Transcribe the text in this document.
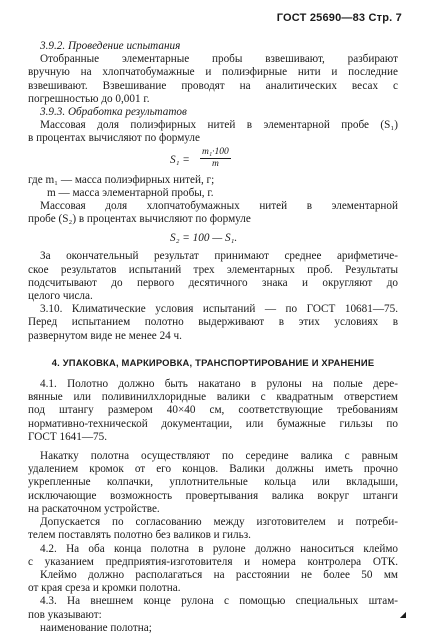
ГОСТ 25690—83 Стр. 7
3.9.2. Проведение испытания
Отобранные элементарные пробы взвешивают, разбирают
вручную на хлопчатобумажные и полиэфирные нити и последние
взвешивают. Взвешивание проводят на аналитических весах с
погрешностью до 0,001 г.
3.9.3. Обработка результатов
Массовая доля полиэфирных нитей в элементарной пробе (S₁)
в процентах вычисляют по формуле
$S_1 = \frac{\text{m₁·100}}{m}$
где m₁ — масса полиэфирных нитей, г;
m — масса элементарной пробы, г.
Массовая доля хлопчатобумажных нитей в элементарной
пробе (S₂) в процентах вычисляют по формуле
S₂ = 100 — S₁.
За окончательный результат принимают среднее арифметиче-
ское результатов испытаний трех элементарных проб. Результаты
подсчитывают до первого десятичного знака и округляют до
целого числа.
3.10. Климатические условия испытаний — по ГОСТ 10681—75.
Перед испытанием полотно выдерживают в этих условиях в
развернутом виде не менее 24 ч.
4. УПАКОВКА, МАРКИРОВКА, ТРАНСПОРТИРОВАНИЕ И ХРАНЕНИЕ
4.1. Полотно должно быть накатано в рулоны на полые дере-
вянные или поливинилхлоридные валики с квадратным отверстием
под штангу размером 40×40 см, соответствующие требованиям
нормативно-технической документации, или бумажные гильзы по
ГОСТ 1641—75.
Накатку полотна осуществляют по середине валика с равным
удалением кромок от его концов. Валики должны иметь прочно
укрепленные колпачки, уплотнительные кольца или вкладыши,
исключающие возможность провертывания валика вокруг штанги
на раскаточном устройстве.
Допускается по согласованию между изготовителем и потреби-
телем поставлять полотно без валиков и гильз.
4.2. На оба конца полотна в рулоне должно наноситься клеймо
с указанием предприятия-изготовителя и номера контролера ОТК.
Клеймо должно располагаться на расстоянии не более 50 мм
от края среза и кромки полотна.
4.3. На внешнем конце рулона с помощью специальных штам-
пов указывают:
наименование полотна;
◢
